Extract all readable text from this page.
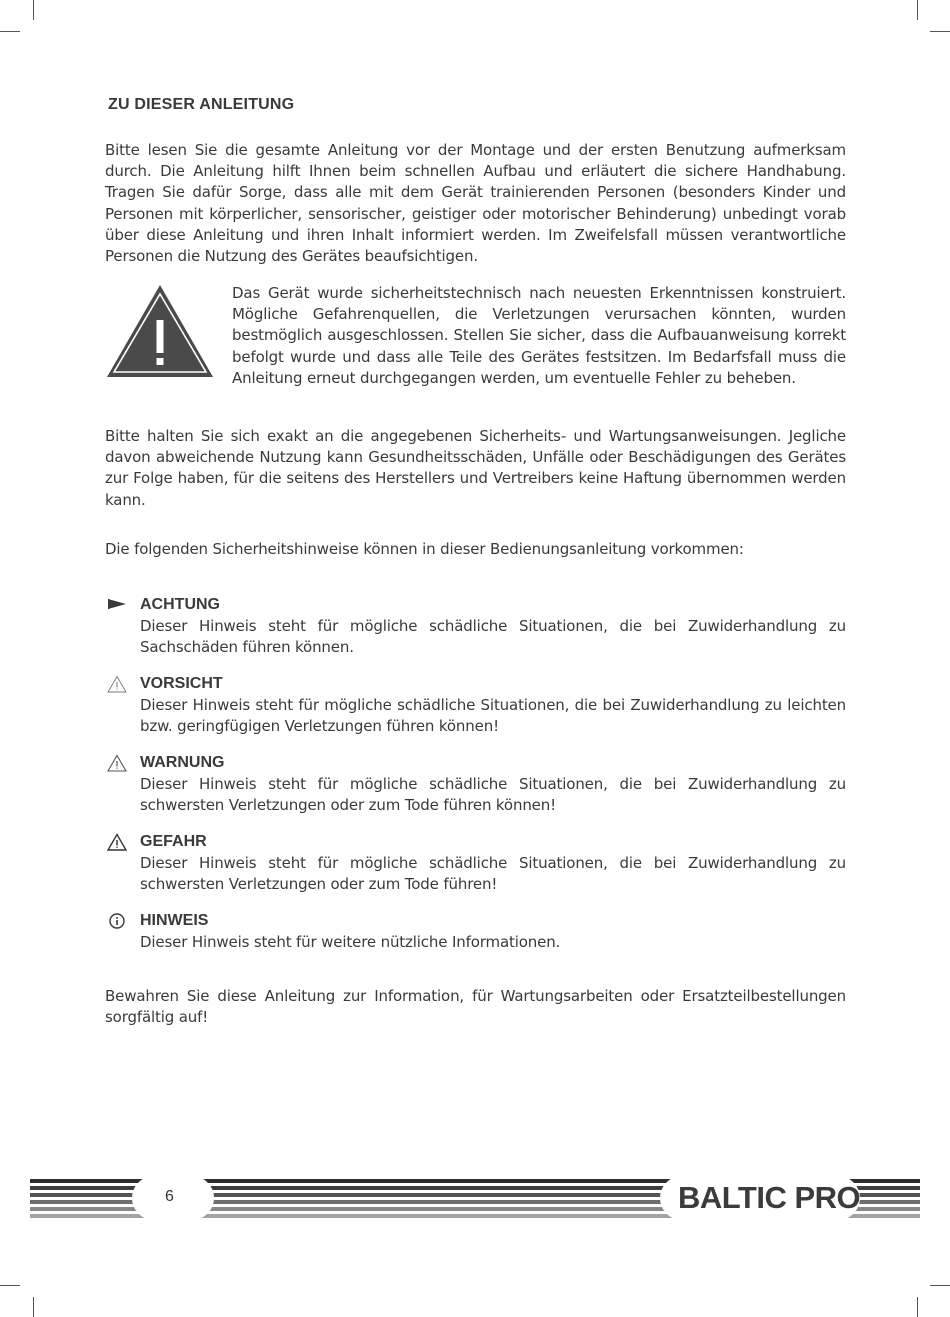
ZU DIESER ANLEITUNG

Bitte lesen Sie die gesamte Anleitung vor der Montage und der ersten Benutzung aufmerksam durch. Die Anleitung hilft Ihnen beim schnellen Aufbau und erläutert die sichere Handhabung. Tragen Sie dafür Sorge, dass alle mit dem Gerät trainierenden Personen (besonders Kinder und Personen mit körperlicher, sensorischer, geistiger oder motorischer Behinderung) unbedingt vorab über diese Anleitung und ihren Inhalt informiert werden. Im Zweifelsfall müssen verantwortliche Personen die Nutzung des Gerätes beaufsichtigen.

Das Gerät wurde sicherheitstechnisch nach neuesten Erkenntnissen konstruiert. Mögliche Gefahrenquellen, die Verletzungen verursachen könnten, wurden bestmöglich ausgeschlossen. Stellen Sie sicher, dass die Aufbauanweisung korrekt befolgt wurde und dass alle Teile des Gerätes festsitzen. Im Bedarfsfall muss die Anleitung erneut durchgegangen werden, um eventuelle Fehler zu beheben.

Bitte halten Sie sich exakt an die angegebenen Sicherheits- und Wartungsanweisungen. Jegliche davon abweichende Nutzung kann Gesundheitsschäden, Unfälle oder Beschädigungen des Gerätes zur Folge haben, für die seitens des Herstellers und Vertreibers keine Haftung übernommen werden kann.

Die folgenden Sicherheitshinweise können in dieser Bedienungsanleitung vorkommen:

ACHTUNG

Dieser Hinweis steht für mögliche schädliche Situationen, die bei Zuwiderhandlung zu Sachschäden führen können.

VORSICHT

Dieser Hinweis steht für mögliche schädliche Situationen, die bei Zuwiderhandlung zu leichten bzw. geringfügigen Verletzungen führen können!

WARNUNG

Dieser Hinweis steht für mögliche schädliche Situationen, die bei Zuwiderhandlung zu schwersten Verletzungen oder zum Tode führen können!

GEFAHR

Dieser Hinweis steht für mögliche schädliche Situationen, die bei Zuwiderhandlung zu schwersten Verletzungen oder zum Tode führen!

HINWEIS

Dieser Hinweis steht für weitere nützliche Informationen.

Bewahren Sie diese Anleitung zur Information, für Wartungsarbeiten oder Ersatzteilbestellungen sorgfältig auf!

6	BALTIC PRO
